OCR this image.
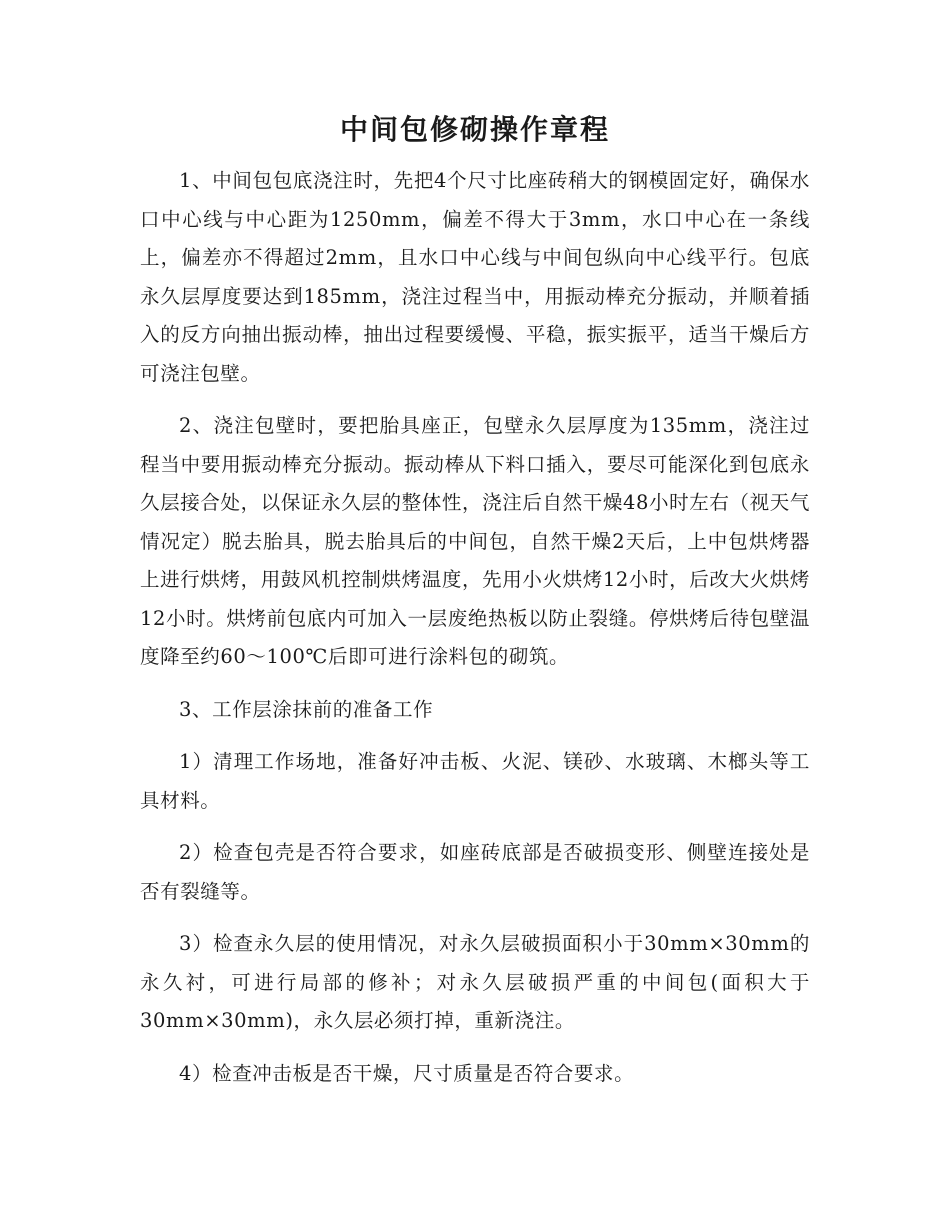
中间包修砌操作章程

1、中间包包底浇注时，先把4个尺寸比座砖稍大的钢模固定好，确保水口中心线与中心距为1250mm，偏差不得大于3mm，水口中心在一条线上，偏差亦不得超过2mm，且水口中心线与中间包纵向中心线平行。包底永久层厚度要达到185mm，浇注过程当中，用振动棒充分振动，并顺着插入的反方向抽出振动棒，抽出过程要缓慢、平稳，振实振平，适当干燥后方可浇注包壁。

2、浇注包壁时，要把胎具座正，包壁永久层厚度为135mm，浇注过程当中要用振动棒充分振动。振动棒从下料口插入，要尽可能深化到包底永久层接合处，以保证永久层的整体性，浇注后自然干燥48小时左右（视天气情况定）脱去胎具，脱去胎具后的中间包，自然干燥2天后，上中包烘烤器上进行烘烤，用鼓风机控制烘烤温度，先用小火烘烤12小时，后改大火烘烤12小时。烘烤前包底内可加入一层废绝热板以防止裂缝。停烘烤后待包壁温度降至约60～100℃后即可进行涂料包的砌筑。

3、工作层涂抹前的准备工作

1）清理工作场地，准备好冲击板、火泥、镁砂、水玻璃、木榔头等工具材料。

2）检查包壳是否符合要求，如座砖底部是否破损变形、侧壁连接处是否有裂缝等。

3）检查永久层的使用情况，对永久层破损面积小于30mm×30mm的永久衬，可进行局部的修补；对永久层破损严重的中间包(面积大于30mm×30mm)，永久层必须打掉，重新浇注。

4）检查冲击板是否干燥，尺寸质量是否符合要求。
